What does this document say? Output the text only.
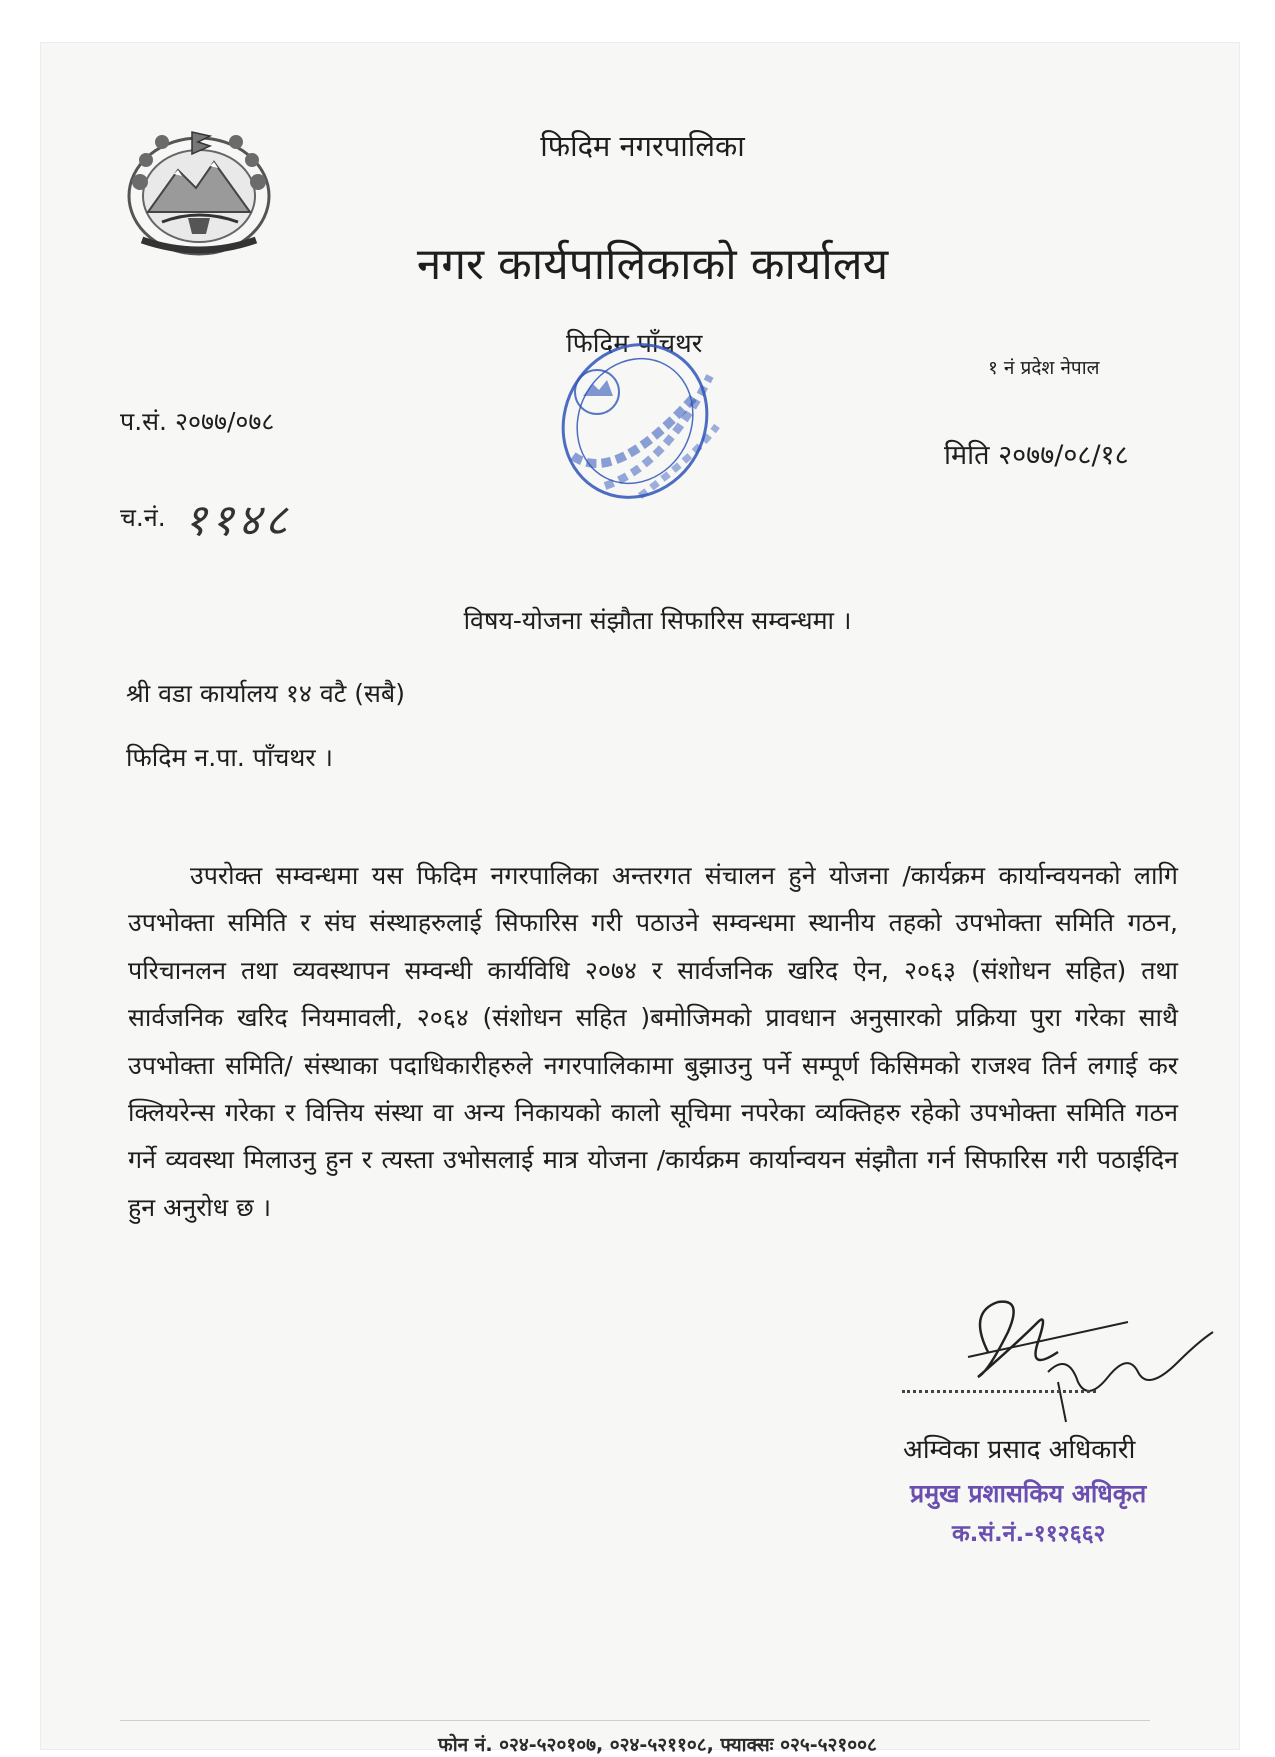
फिदिम नगरपालिका
नगर कार्यपालिकाको कार्यालय
फिदिम पाँचथर
१ नं प्रदेश नेपाल
प.सं. २०७७/०७८
मिति २०७७/०८/१८
च.नं. ११४८
विषय-योजना संझौता सिफारिस सम्वन्धमा ।
श्री वडा कार्यालय १४ वटै (सबै)
फिदिम न.पा. पाँचथर ।
उपरोक्त सम्वन्धमा यस फिदिम नगरपालिका अन्तरगत संचालन हुने योजना /कार्यक्रम कार्यान्वयनको लागि उपभोक्ता समिति र संघ संस्थाहरुलाई सिफारिस गरी पठाउने सम्वन्धमा स्थानीय तहको उपभोक्ता समिति गठन, परिचानलन तथा व्यवस्थापन सम्वन्धी कार्यविधि २०७४ र सार्वजनिक खरिद ऐन, २०६३ (संशोधन सहित) तथा सार्वजनिक खरिद नियमावली, २०६४ (संशोधन सहित )बमोजिमको प्रावधान अनुसारको प्रक्रिया पुरा गरेका साथै उपभोक्ता समिति/ संस्थाका पदाधिकारीहरुले नगरपालिकामा बुझाउनु पर्ने सम्पूर्ण किसिमको राजश्व तिर्न लगाई कर क्लियरेन्स गरेका र वित्तिय संस्था वा अन्य निकायको कालो सूचिमा नपरेका व्यक्तिहरु रहेको उपभोक्ता समिति गठन गर्ने व्यवस्था मिलाउनु हुन र त्यस्ता उभोसलाई मात्र योजना /कार्यक्रम कार्यान्वयन संझौता गर्न सिफारिस गरी पठाईदिन हुन अनुरोध छ ।
अम्विका प्रसाद अधिकारी
प्रमुख प्रशासकिय अधिकृत
क.सं.नं.-११२६६२
फोन नं. ०२४-५२०१०७, ०२४-५२११०८, फ्याक्सः ०२५-५२१००८
